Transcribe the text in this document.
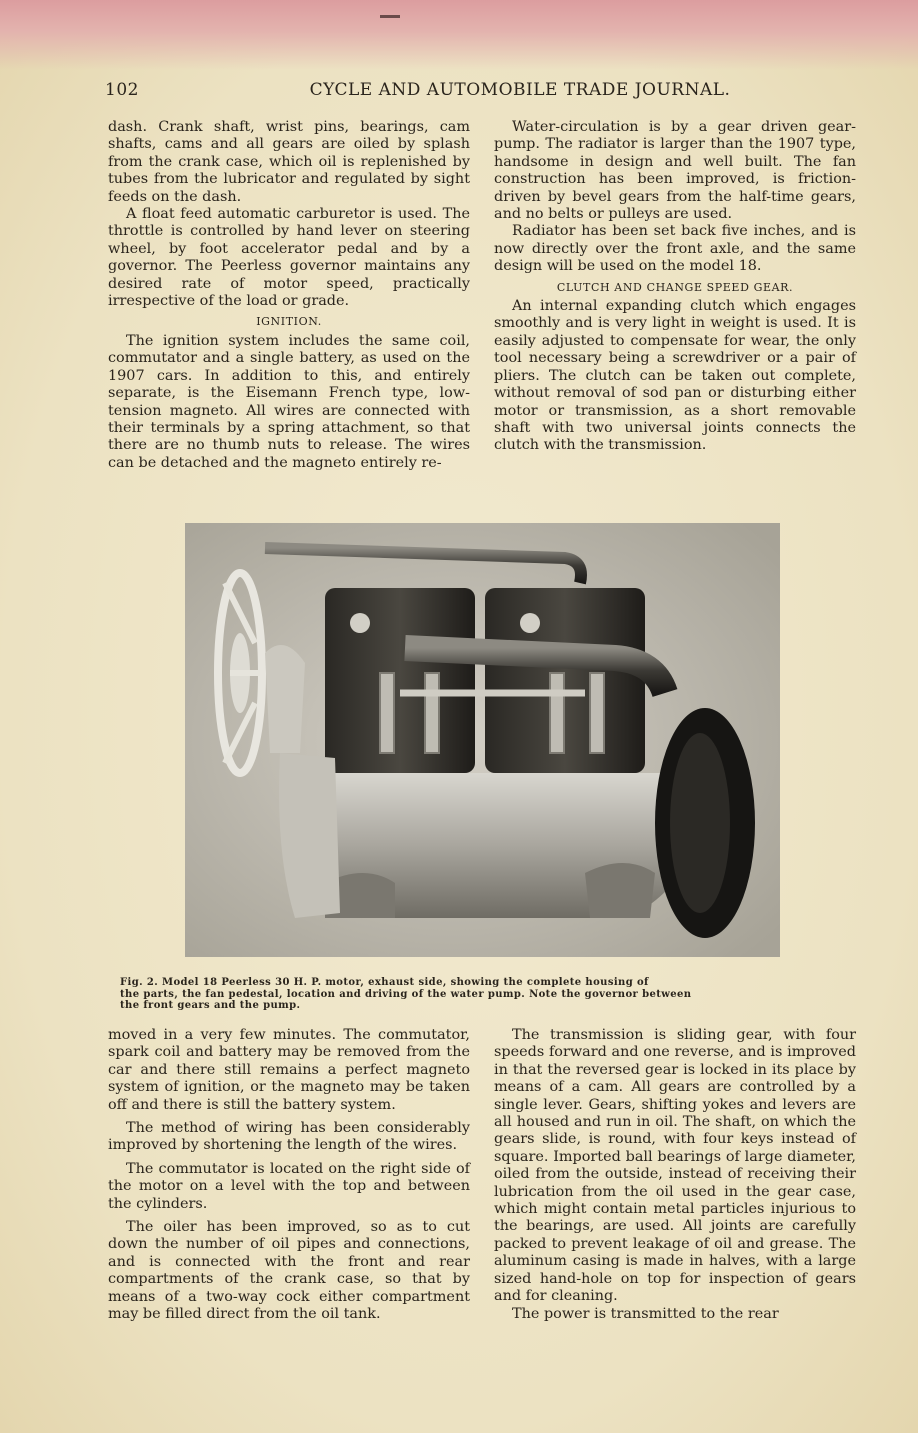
102	CYCLE AND AUTOMOBILE TRADE JOURNAL.

dash. Crank shaft, wrist pins, bearings, cam shafts, cams and all gears are oiled by splash from the crank case, which oil is replenished by tubes from the lubricator and regulated by sight feeds on the dash.

A float feed automatic carburetor is used. The throttle is controlled by hand lever on steering wheel, by foot accelerator pedal and by a governor. The Peerless governor maintains any desired rate of motor speed, practically irrespective of the load or grade.

IGNITION.

The ignition system includes the same coil, commutator and a single battery, as used on the 1907 cars. In addition to this, and entirely separate, is the Eisemann French type, low-tension magneto. All wires are connected with their terminals by a spring attachment, so that there are no thumb nuts to release. The wires can be detached and the magneto entirely re-

Water-circulation is by a gear driven gear-pump. The radiator is larger than the 1907 type, handsome in design and well built. The fan construction has been improved, is friction-driven by bevel gears from the half-time gears, and no belts or pulleys are used.

Radiator has been set back five inches, and is now directly over the front axle, and the same design will be used on the model 18.

CLUTCH AND CHANGE SPEED GEAR.

An internal expanding clutch which engages smoothly and is very light in weight is used. It is easily adjusted to compensate for wear, the only tool necessary being a screwdriver or a pair of pliers. The clutch can be taken out complete, without removal of sod pan or disturbing either motor or transmission, as a short removable shaft with two universal joints connects the clutch with the transmission.

Fig. 2. Model 18 Peerless 30 H. P. motor, exhaust side, showing the complete housing of
the parts, the fan pedestal, location and driving of the water pump. Note the governor between
the front gears and the pump.

moved in a very few minutes. The commutator, spark coil and battery may be removed from the car and there still remains a perfect magneto system of ignition, or the magneto may be taken off and there is still the battery system.

The method of wiring has been considerably improved by shortening the length of the wires.

The commutator is located on the right side of the motor on a level with the top and between the cylinders.

The oiler has been improved, so as to cut down the number of oil pipes and connections, and is connected with the front and rear compartments of the crank case, so that by means of a two-way cock either compartment may be filled direct from the oil tank.

The transmission is sliding gear, with four speeds forward and one reverse, and is improved in that the reversed gear is locked in its place by means of a cam. All gears are controlled by a single lever. Gears, shifting yokes and levers are all housed and run in oil. The shaft, on which the gears slide, is round, with four keys instead of square. Imported ball bearings of large diameter, oiled from the outside, instead of receiving their lubrication from the oil used in the gear case, which might contain metal particles injurious to the bearings, are used. All joints are carefully packed to prevent leakage of oil and grease. The aluminum casing is made in halves, with a large sized hand-hole on top for inspection of gears and for cleaning.

The power is transmitted to the rear
